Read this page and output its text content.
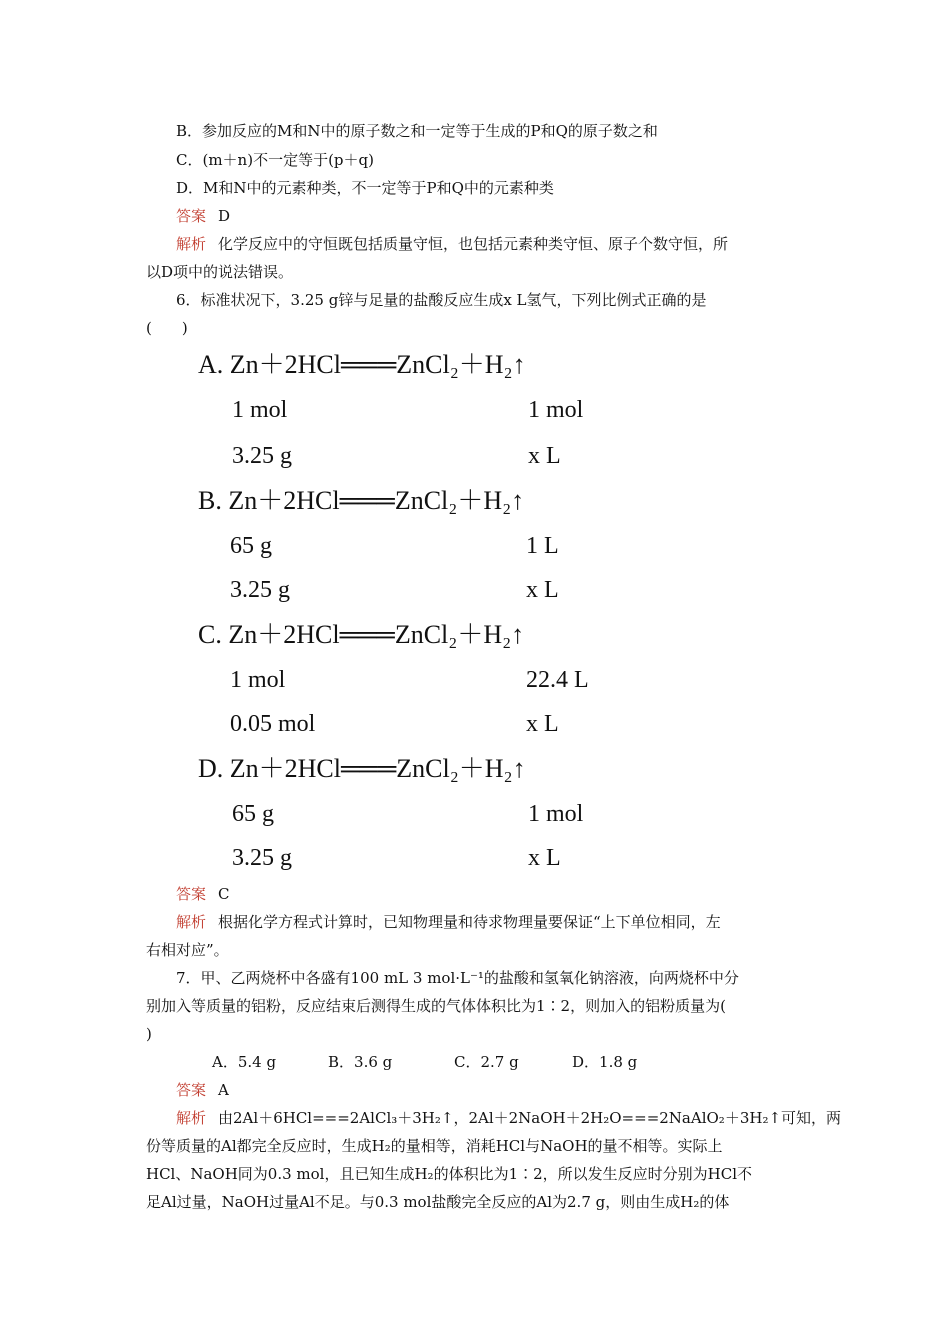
B．参加反应的M和N中的原子数之和一定等于生成的P和Q的原子数之和
C．(m＋n)不一定等于(p＋q)
D．M和N中的元素种类，不一定等于P和Q中的元素种类
答案 D
解析 化学反应中的守恒既包括质量守恒，也包括元素种类守恒、原子个数守恒，所
以D项中的说法错误。
6．标准状况下，3.25 g锌与足量的盐酸反应生成x L氢气，下列比例式正确的是
(　　)
A. Zn＋2HCl═══ZnCl₂＋H₂↑
1 mol	1 mol
3.25 g	x L
B. Zn＋2HCl═══ZnCl₂＋H₂↑
65 g	1 L
3.25 g	x L
C. Zn＋2HCl═══ZnCl₂＋H₂↑
1 mol	22.4 L
0.05 mol	x L
D. Zn＋2HCl═══ZnCl₂＋H₂↑
65 g	1 mol
3.25 g	x L
答案 C
解析 根据化学方程式计算时，已知物理量和待求物理量要保证“上下单位相同，左
右相对应”。
7．甲、乙两烧杯中各盛有100 mL 3 mol·L⁻¹的盐酸和氢氧化钠溶液，向两烧杯中分
别加入等质量的铝粉，反应结束后测得生成的气体体积比为1∶2，则加入的铝粉质量为(
)
A．5.4 g	B．3.6 g	C．2.7 g	D．1.8 g
答案 A
解析 由2Al＋6HCl===2AlCl₃＋3H₂↑，2Al＋2NaOH＋2H₂O===2NaAlO₂＋3H₂↑可知，两
份等质量的Al都完全反应时，生成H₂的量相等，消耗HCl与NaOH的量不相等。实际上
HCl、NaOH同为0.3 mol，且已知生成H₂的体积比为1∶2，所以发生反应时分别为HCl不
足Al过量，NaOH过量Al不足。与0.3 mol盐酸完全反应的Al为2.7 g，则由生成H₂的体
